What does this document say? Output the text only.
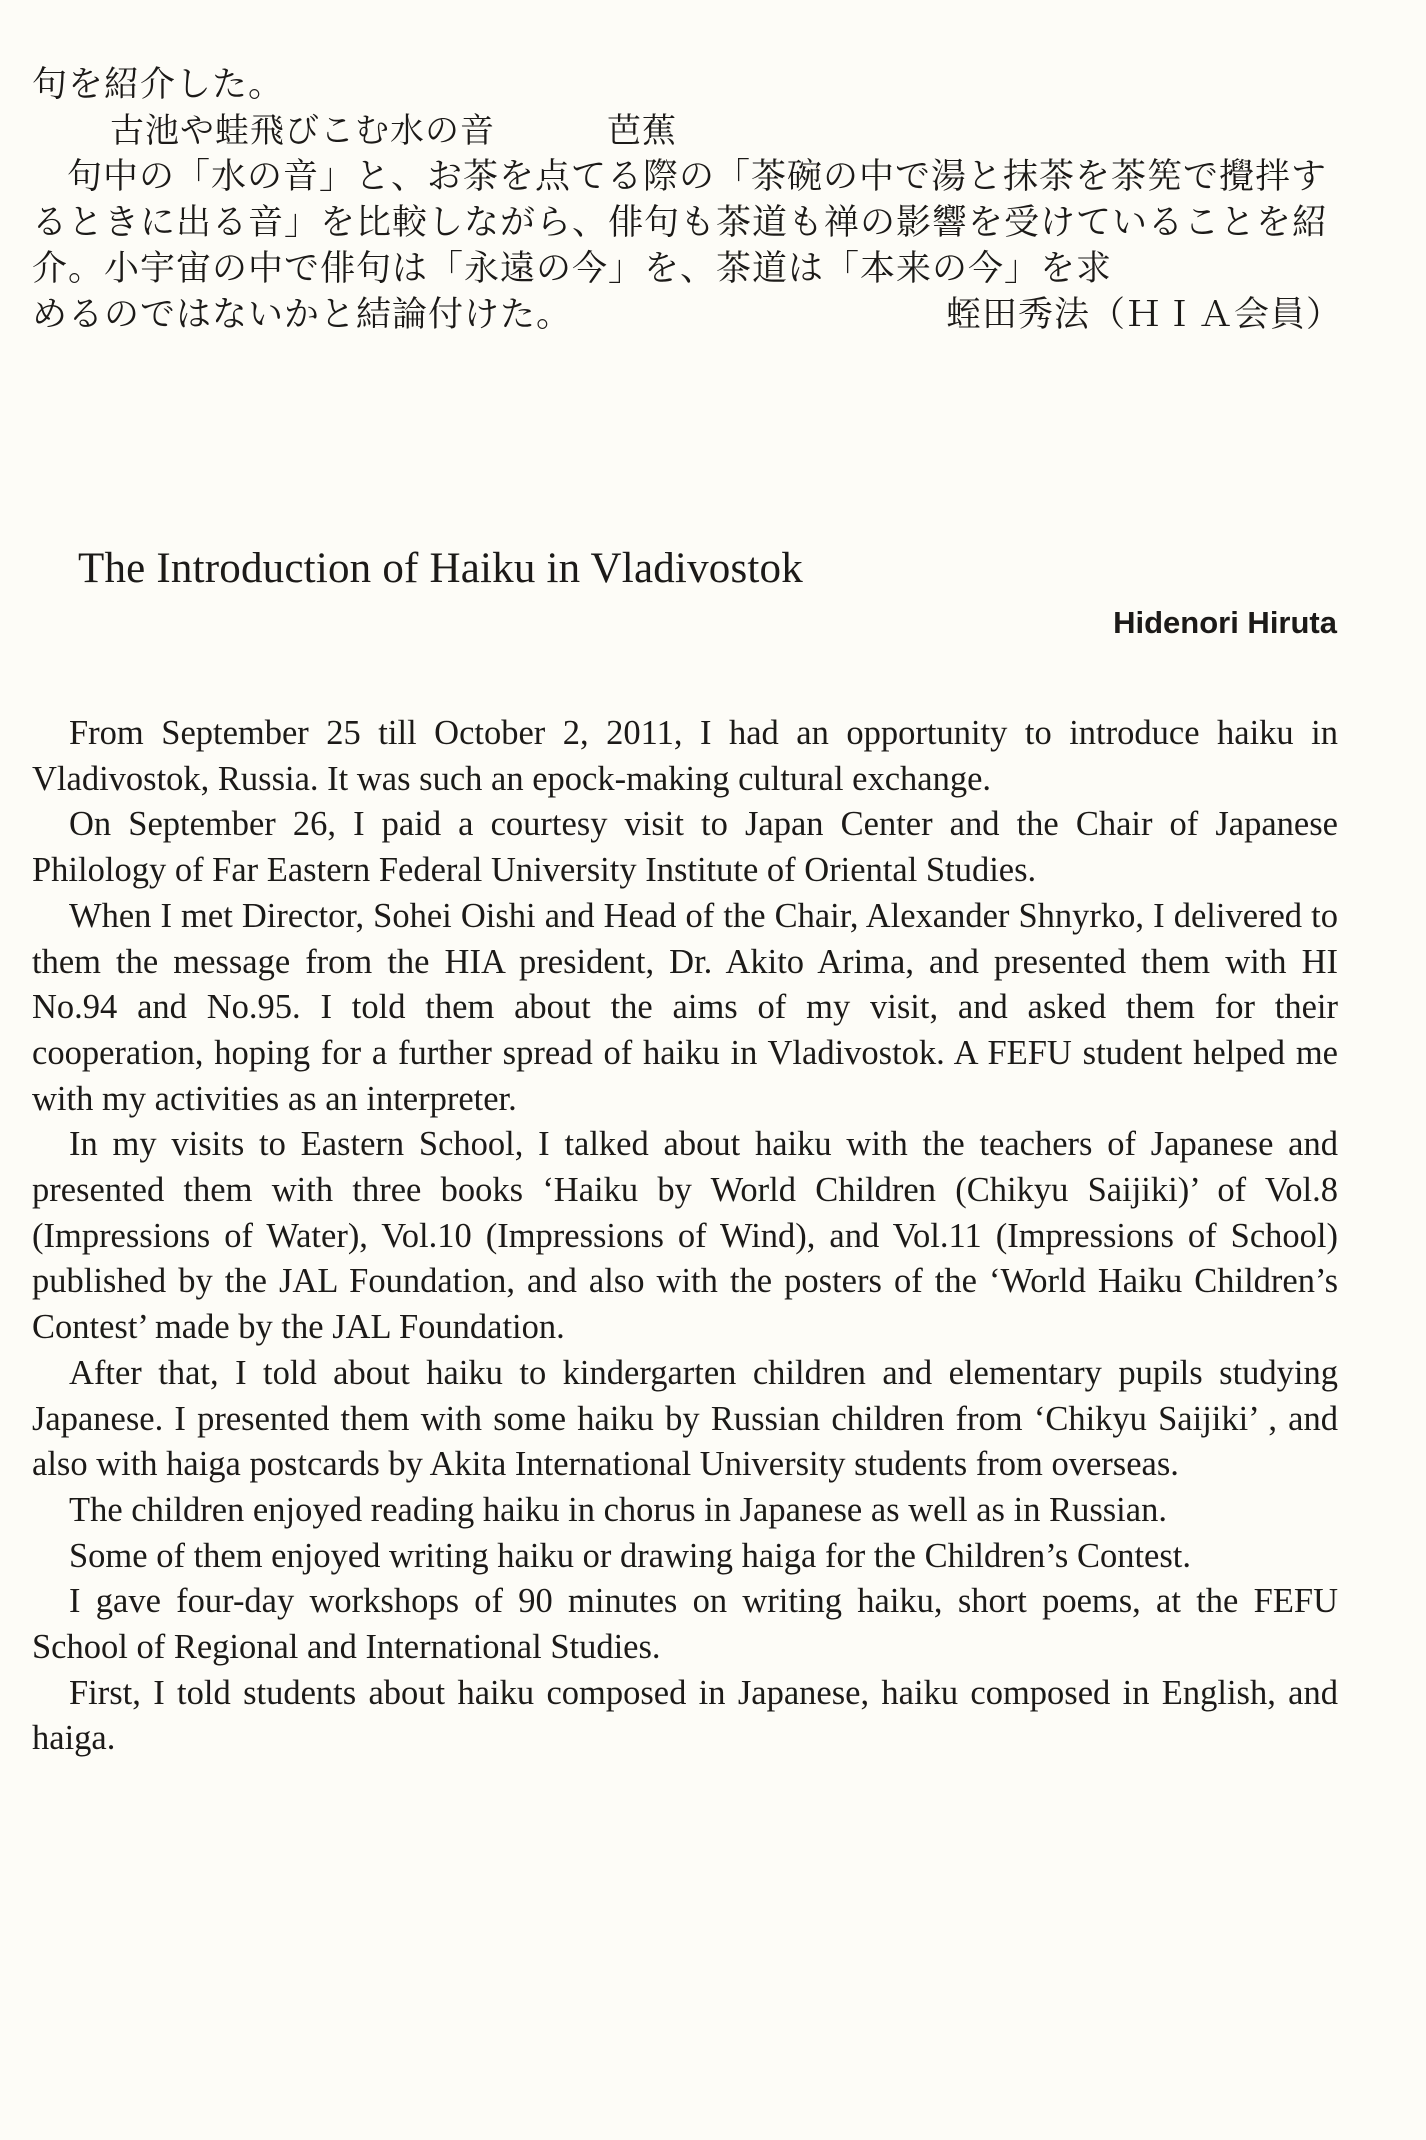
句を紹介した。

古池や蛙飛びこむ水の音	芭蕉

句中の「水の音」と、お茶を点てる際の「茶碗の中で湯と抹茶を茶筅で攪拌するときに出る音」を比較しながら、俳句も茶道も禅の影響を受けていることを紹介。小宇宙の中で俳句は「永遠の今」を、茶道は「本来の今」を求

めるのではないかと結論付けた。	蛭田秀法（ＨＩＡ会員）

The Introduction of Haiku in Vladivostok

Hidenori Hiruta

From September 25 till October 2, 2011, I had an opportunity to introduce haiku in Vladivostok, Russia. It was such an epock-making cultural exchange.

On September 26, I paid a courtesy visit to Japan Center and the Chair of Japanese Philology of Far Eastern Federal University Institute of Oriental Studies.

When I met Director, Sohei Oishi and Head of the Chair, Alexander Shnyrko, I delivered to them the message from the HIA president, Dr. Akito Arima, and presented them with HI No.94 and No.95. I told them about the aims of my visit, and asked them for their cooperation, hoping for a further spread of haiku in Vladivostok. A FEFU student helped me with my activities as an interpreter.

In my visits to Eastern School, I talked about haiku with the teachers of Japanese and presented them with three books ‘Haiku by World Children (Chikyu Saijiki)’ of Vol.8 (Impressions of Water), Vol.10 (Impressions of Wind), and Vol.11 (Impressions of School) published by the JAL Foundation, and also with the posters of the ‘World Haiku Children’s Contest’ made by the JAL Foundation.

After that, I told about haiku to kindergarten children and elementary pupils studying Japanese. I presented them with some haiku by Russian children from ‘Chikyu Saijiki’ , and also with haiga postcards by Akita International University students from overseas.

The children enjoyed reading haiku in chorus in Japanese as well as in Russian.

Some of them enjoyed writing haiku or drawing haiga for the Children’s Contest.

I gave four-day workshops of 90 minutes on writing haiku, short poems, at the FEFU School of Regional and International Studies.

First, I told students about haiku composed in Japanese, haiku composed in English, and haiga.
